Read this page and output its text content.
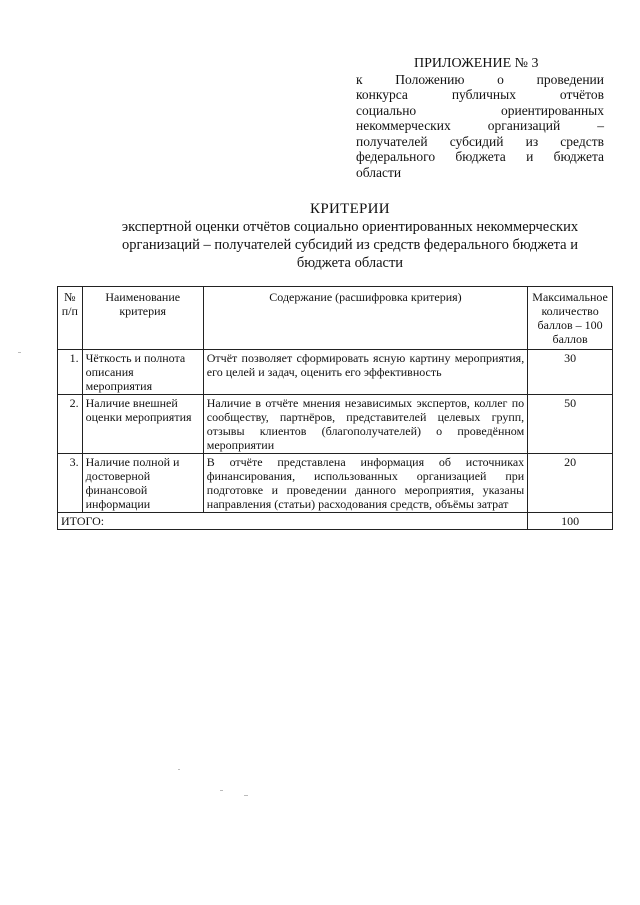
ПРИЛОЖЕНИЕ № 3
к Положению о проведении
конкурса публичных отчётов
социально ориентированных
некоммерческих организаций –
получателей субсидий из средств
федерального бюджета и бюджета
области
КРИТЕРИИ
экспертной оценки отчётов социально ориентированных некоммерческих
организаций – получателей субсидий из средств федерального бюджета и
бюджета области
№ п/п	Наименование критерия	Содержание (расшифровка критерия)	Максимальное количество баллов – 100 баллов
1.	Чёткость и полнота описания мероприятия	Отчёт позволяет сформировать ясную картину мероприятия, его целей и задач, оценить его эффективность	30
2.	Наличие внешней оценки мероприятия	Наличие в отчёте мнения независимых экспертов, коллег по сообществу, партнёров, представителей целевых групп, отзывы клиентов (благополучателей) о проведённом мероприятии	50
3.	Наличие полной и достоверной финансовой информации	В отчёте представлена информация об источниках финансирования, использованных организацией при подготовке и проведении данного мероприятия, указаны направления (статьи) расходования средств, объёмы затрат	20
ИТОГО:			100
